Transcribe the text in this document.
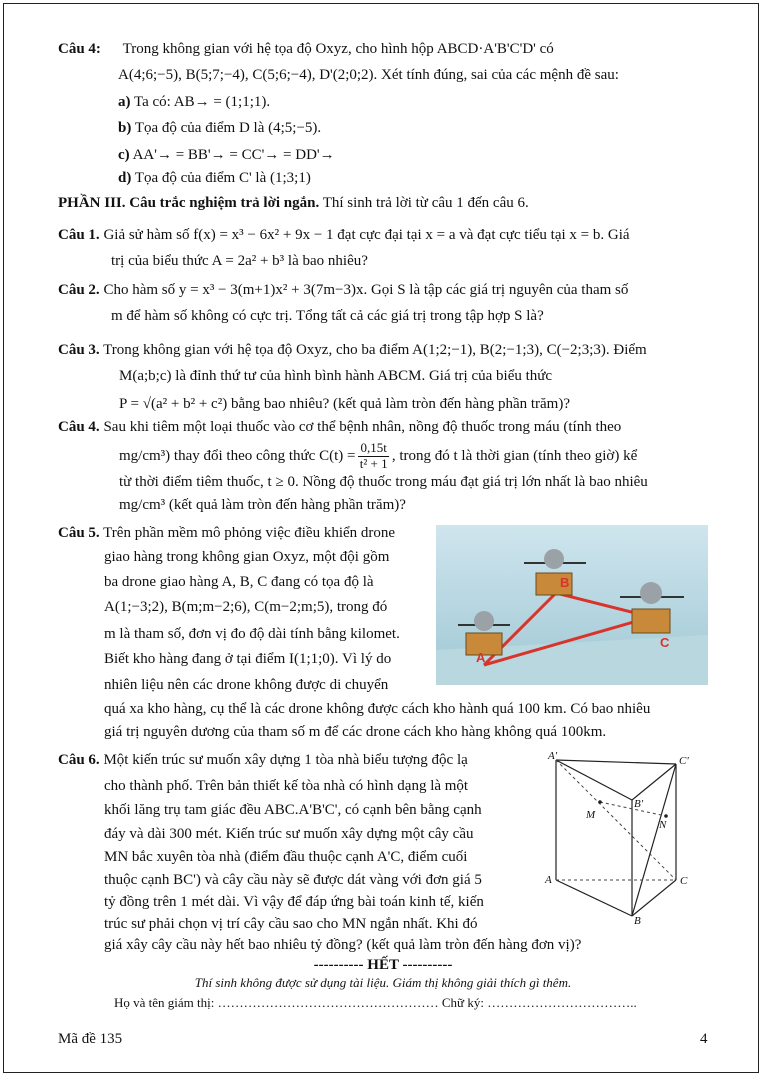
Câu 4: Trong không gian với hệ tọa độ Oxyz, cho hình hộp ABCD·A'B'C'D' có
A(4;6;−5), B(5;7;−4), C(5;6;−4), D'(2;0;2). Xét tính đúng, sai của các mệnh đề sau:
a) Ta có: AB→ = (1;1;1).
b) Tọa độ của điểm D là (4;5;−5).
c) AA'→ = BB'→ = CC'→ = DD'→
d) Tọa độ của điểm C' là (1;3;1)
PHẦN III. Câu trắc nghiệm trả lời ngắn. Thí sinh trả lời từ câu 1 đến câu 6.
Câu 1. Giả sử hàm số f(x) = x³ − 6x² + 9x − 1 đạt cực đại tại x = a và đạt cực tiểu tại x = b. Giá
trị của biểu thức A = 2a² + b³ là bao nhiêu?
Câu 2. Cho hàm số y = x³ − 3(m+1)x² + 3(7m−3)x. Gọi S là tập các giá trị nguyên của tham số
m để hàm số không có cực trị. Tổng tất cả các giá trị trong tập hợp S là?
Câu 3. Trong không gian với hệ tọa độ Oxyz, cho ba điểm A(1;2;−1), B(2;−1;3), C(−2;3;3). Điểm
M(a;b;c) là đỉnh thứ tư của hình bình hành ABCM. Giá trị của biểu thức
P = √(a² + b² + c²) bằng bao nhiêu? (kết quả làm tròn đến hàng phần trăm)?
Câu 4. Sau khi tiêm một loại thuốc vào cơ thể bệnh nhân, nồng độ thuốc trong máu (tính theo
mg/cm³) thay đổi theo công thức $C(t) = \frac{0,15t}{\text{t² + 1}}$ , trong đó t là thời gian (tính theo giờ) kể
từ thời điểm tiêm thuốc, t ≥ 0. Nồng độ thuốc trong máu đạt giá trị lớn nhất là bao nhiêu
mg/cm³ (kết quả làm tròn đến hàng phần trăm)?
Câu 5. Trên phần mềm mô phỏng việc điều khiển drone
giao hàng trong không gian Oxyz, một đội gồm
ba drone giao hàng A, B, C đang có tọa độ là
A(1;−3;2), B(m;m−2;6), C(m−2;m;5), trong đó
m là tham số, đơn vị đo độ dài tính bằng kilomet.
Biết kho hàng đang ở tại điểm I(1;1;0). Vì lý do
nhiên liệu nên các drone không được di chuyển
quá xa kho hàng, cụ thể là các drone không được cách kho hành quá 100 km. Có bao nhiêu
giá trị nguyên dương của tham số m để các drone cách kho hàng không quá 100km.
A
B
C
Câu 6. Một kiến trúc sư muốn xây dựng 1 tòa nhà biểu tượng độc lạ
cho thành phố. Trên bản thiết kế tòa nhà có hình dạng là một
khối lăng trụ tam giác đều ABC.A'B'C', có cạnh bên bằng cạnh
đáy và dài 300 mét. Kiến trúc sư muốn xây dựng một cây cầu
MN bắc xuyên tòa nhà (điểm đầu thuộc cạnh A'C, điểm cuối
thuộc cạnh BC') và cây cầu này sẽ được dát vàng với đơn giá 5
tỷ đồng trên 1 mét dài. Vì vậy để đáp ứng bài toán kinh tế, kiến
trúc sư phải chọn vị trí cây cầu sao cho MN ngắn nhất. Khi đó
giá xây cây cầu này hết bao nhiêu tỷ đồng? (kết quả làm tròn đến hàng đơn vị)?
A'	C'
B'
M
N
A	C
B
---------- HẾT ----------
Thí sinh không được sử dụng tài liệu. Giám thị không giải thích gì thêm.
Họ và tên giám thị: …………………………………………… Chữ ký: ……………………………..
Mã đề 135	4
